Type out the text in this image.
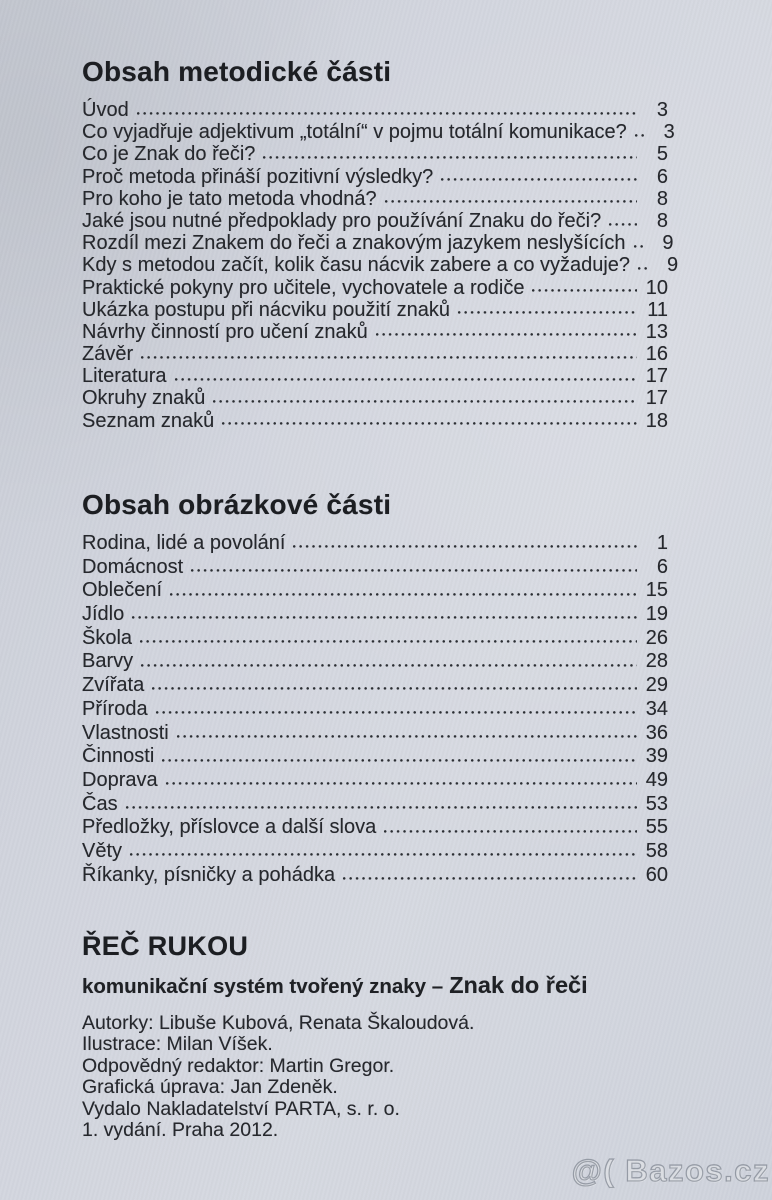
Obsah metodické části
Úvod	3
Co vyjadřuje adjektivum „totální“ v pojmu totální komunikace?	3
Co je Znak do řeči?	5
Proč metoda přináší pozitivní výsledky?	6
Pro koho je tato metoda vhodná?	8
Jaké jsou nutné předpoklady pro používání Znaku do řeči?	8
Rozdíl mezi Znakem do řeči a znakovým jazykem neslyšících	9
Kdy s metodou začít, kolik času nácvik zabere a co vyžaduje?	9
Praktické pokyny pro učitele, vychovatele a rodiče	10
Ukázka postupu při nácviku použití znaků	11
Návrhy činností pro učení znaků	13
Závěr	16
Literatura	17
Okruhy znaků	17
Seznam znaků	18
Obsah obrázkové části
Rodina, lidé a povolání	1
Domácnost	6
Oblečení	15
Jídlo	19
Škola	26
Barvy	28
Zvířata	29
Příroda	34
Vlastnosti	36
Činnosti	39
Doprava	49
Čas	53
Předložky, příslovce a další slova	55
Věty	58
Říkanky, písničky a pohádka	60
ŘEČ RUKOU

komunikační systém tvořený znaky – Znak do řeči

Autorky: Libuše Kubová, Renata Škaloudová.

Ilustrace: Milan Víšek.

Odpovědný redaktor: Martin Gregor.

Grafická úprava: Jan Zdeněk.

Vydalo Nakladatelství PARTA, s. r. o.

1. vydání. Praha 2012.

@( Bazos.cz
